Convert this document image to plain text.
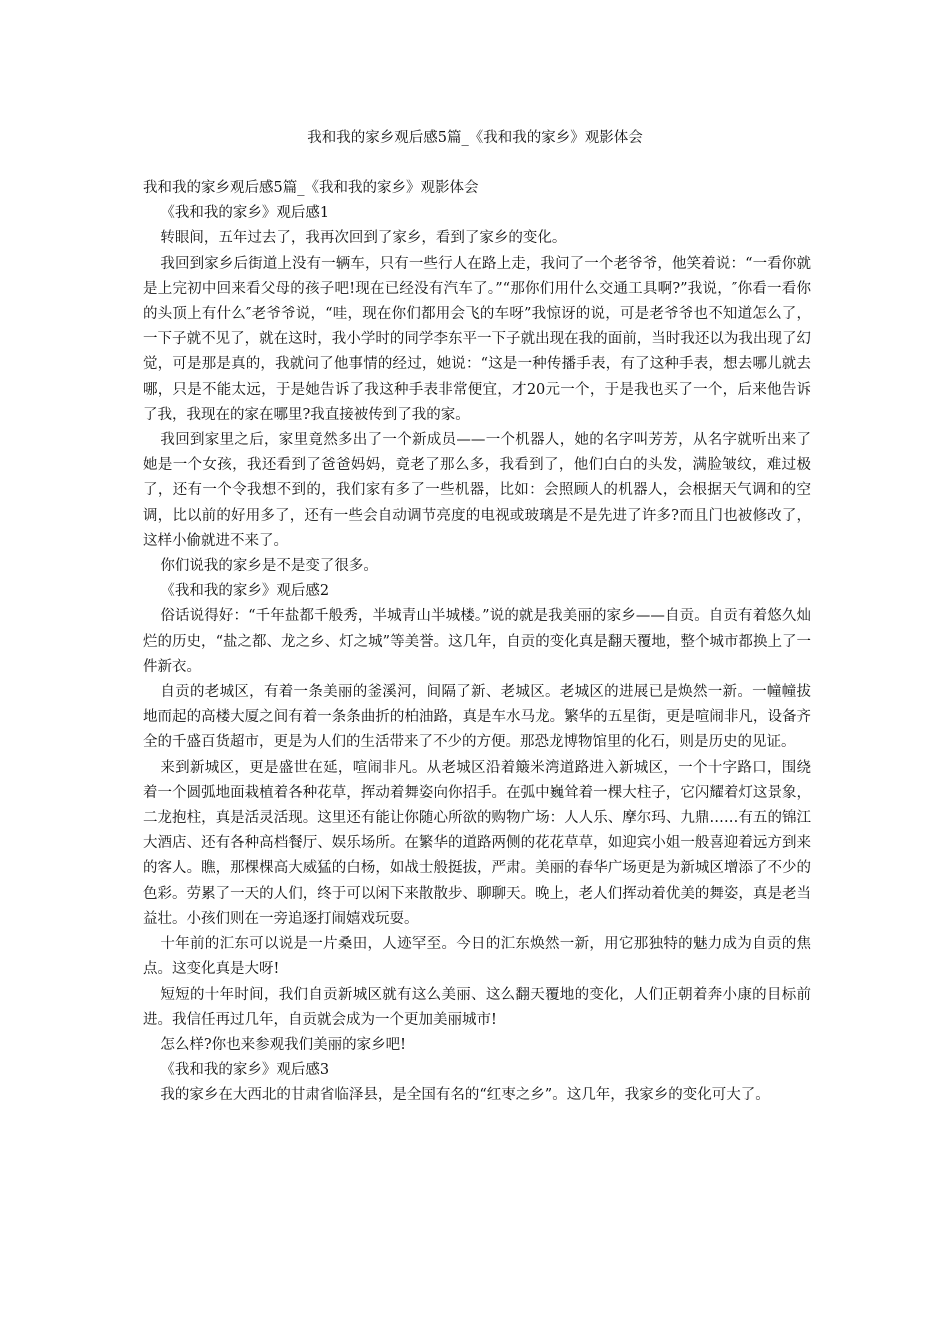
我和我的家乡观后感5篇_《我和我的家乡》观影体会

我和我的家乡观后感5篇_《我和我的家乡》观影体会

《我和我的家乡》观后感1

转眼间，五年过去了，我再次回到了家乡，看到了家乡的变化。

我回到家乡后街道上没有一辆车，只有一些行人在路上走，我问了一个老爷爷，他笑着说：“一看你就是上完初中回来看父母的孩子吧!现在已经没有汽车了。”“那你们用什么交通工具啊?”我说，″你看一看你的头顶上有什么″老爷爷说，“哇，现在你们都用会飞的车呀”我惊讶的说，可是老爷爷也不知道怎么了，一下子就不见了，就在这时，我小学时的同学李东平一下子就出现在我的面前，当时我还以为我出现了幻觉，可是那是真的，我就问了他事情的经过，她说：“这是一种传播手表，有了这种手表，想去哪儿就去哪，只是不能太远，于是她告诉了我这种手表非常便宜，才20元一个，于是我也买了一个，后来他告诉了我，我现在的家在哪里?我直接被传到了我的家。

我回到家里之后，家里竟然多出了一个新成员——一个机器人，她的名字叫芳芳，从名字就听出来了她是一个女孩，我还看到了爸爸妈妈，竟老了那么多，我看到了，他们白白的头发，满脸皱纹，难过极了，还有一个令我想不到的，我们家有多了一些机器，比如：会照顾人的机器人，会根据天气调和的空调，比以前的好用多了，还有一些会自动调节亮度的电视或玻璃是不是先进了许多?而且门也被修改了，这样小偷就进不来了。

你们说我的家乡是不是变了很多。

《我和我的家乡》观后感2

俗话说得好：“千年盐都千般秀，半城青山半城楼。”说的就是我美丽的家乡——自贡。自贡有着悠久灿烂的历史，“盐之都、龙之乡、灯之城”等美誉。这几年，自贡的变化真是翻天覆地，整个城市都换上了一件新衣。

自贡的老城区，有着一条美丽的釜溪河，间隔了新、老城区。老城区的进展已是焕然一新。一幢幢拔地而起的高楼大厦之间有着一条条曲折的柏油路，真是车水马龙。繁华的五星街，更是喧闹非凡，设备齐全的千盛百货超市，更是为人们的生活带来了不少的方便。那恐龙博物馆里的化石，则是历史的见证。

来到新城区，更是盛世在延，喧闹非凡。从老城区沿着簸米湾道路进入新城区，一个十字路口，围绕着一个圆弧地面栽植着各种花草，挥动着舞姿向你招手。在弧中巍耸着一棵大柱子，它闪耀着灯这景象，二龙抱柱，真是活灵活现。这里还有能让你随心所欲的购物广场：人人乐、摩尔玛、九鼎……有五的锦江大酒店、还有各种高档餐厅、娱乐场所。在繁华的道路两侧的花花草草，如迎宾小姐一般喜迎着远方到来的客人。瞧，那棵棵高大威猛的白杨，如战士般挺拔，严肃。美丽的春华广场更是为新城区增添了不少的色彩。劳累了一天的人们，终于可以闲下来散散步、聊聊天。晚上，老人们挥动着优美的舞姿，真是老当益壮。小孩们则在一旁追逐打闹嬉戏玩耍。

十年前的汇东可以说是一片桑田，人迹罕至。今日的汇东焕然一新，用它那独特的魅力成为自贡的焦点。这变化真是大呀!

短短的十年时间，我们自贡新城区就有这么美丽、这么翻天覆地的变化，人们正朝着奔小康的目标前进。我信任再过几年，自贡就会成为一个更加美丽城市!

怎么样?你也来参观我们美丽的家乡吧!

《我和我的家乡》观后感3

我的家乡在大西北的甘肃省临泽县，是全国有名的“红枣之乡”。这几年，我家乡的变化可大了。
